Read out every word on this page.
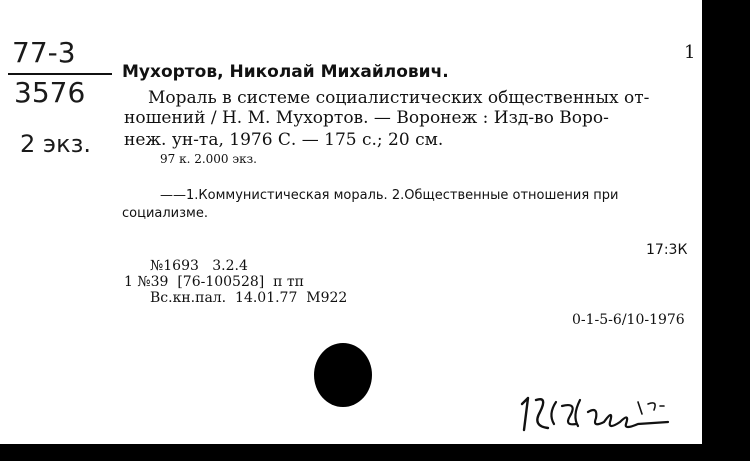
77-3
3576
2 экз.
1
Мухортов, Николай Михайлович.
Мораль в системе социалистических общественных от-
ношений / Н. М. Мухортов. — Воронеж : Изд-во Воро-
неж. ун-та, 1976 С. — 175 с.; 20 см.
97 к. 2.000 экз.
——1.Коммунистическая мораль. 2.Общественные отношения при
социализме.
17:3К
№1693   3.2.4
1 №39  [76-100528]  п тп
Вс.кн.пал.  14.01.77  М922
0-1-5-6/10-1976
